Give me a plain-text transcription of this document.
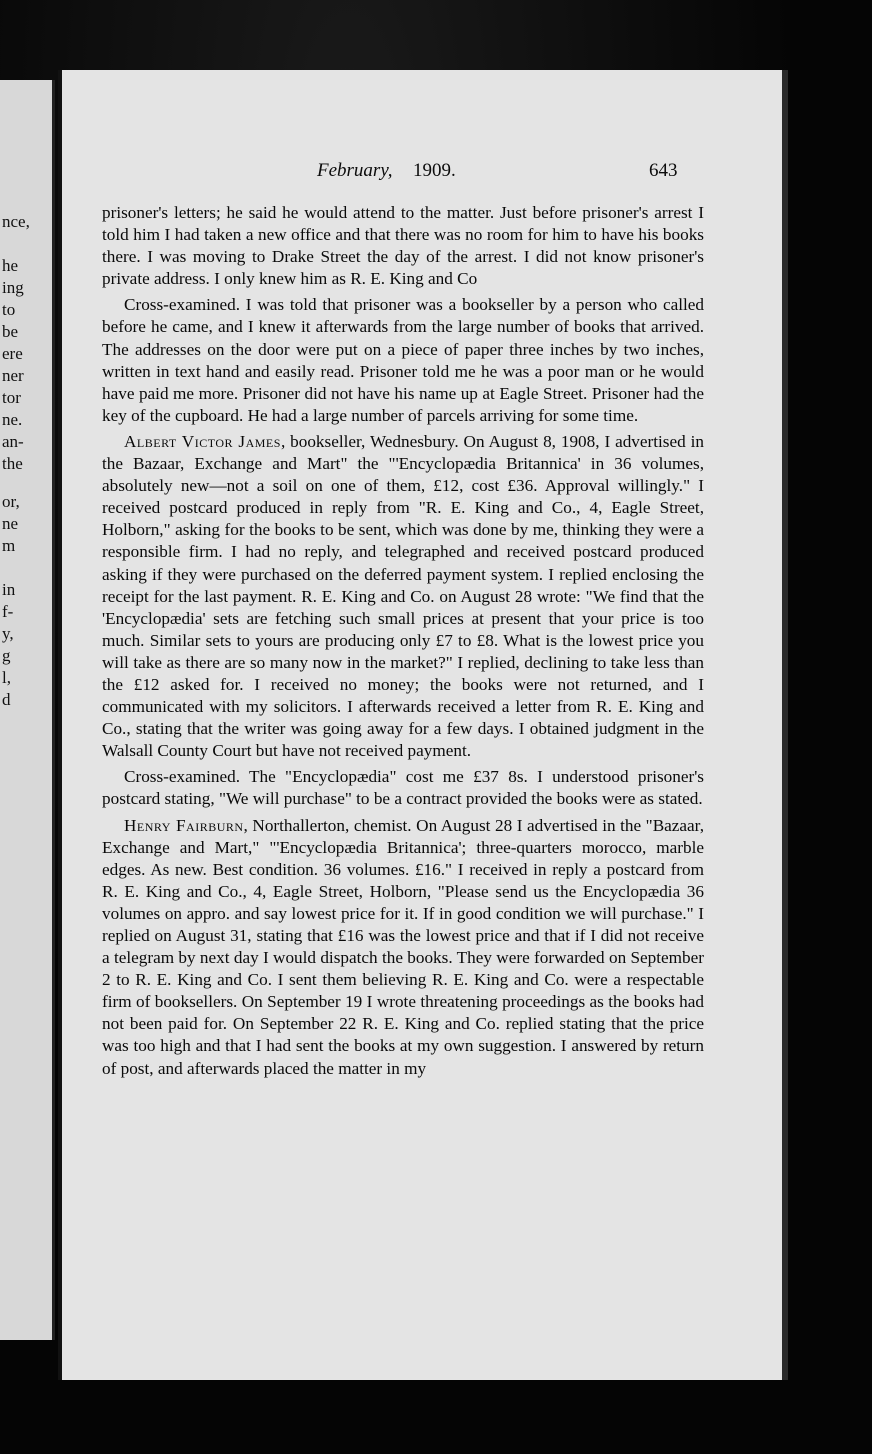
nce,
he
ing
to
be
ere
ner
tor
ne.
an-
the
or,
ne
m
in
f-
y,
g
l,
d
February, 1909.	643

prisoner's letters; he said he would attend to the matter. Just before prisoner's arrest I told him I had taken a new office and that there was no room for him to have his books there. I was moving to Drake Street the day of the arrest. I did not know prisoner's private address. I only knew him as R. E. King and Co

Cross-examined. I was told that prisoner was a bookseller by a person who called before he came, and I knew it afterwards from the large number of books that arrived. The addresses on the door were put on a piece of paper three inches by two inches, written in text hand and easily read. Prisoner told me he was a poor man or he would have paid me more. Prisoner did not have his name up at Eagle Street. Prisoner had the key of the cupboard. He had a large number of parcels arriving for some time.

Albert Victor James, bookseller, Wednesbury. On August 8, 1908, I advertised in the Bazaar, Exchange and Mart" the "'Encyclopædia Britannica' in 36 volumes, absolutely new—not a soil on one of them, £12, cost £36. Approval willingly." I received postcard produced in reply from "R. E. King and Co., 4, Eagle Street, Holborn," asking for the books to be sent, which was done by me, thinking they were a responsible firm. I had no reply, and telegraphed and received postcard produced asking if they were purchased on the deferred payment system. I replied enclosing the receipt for the last payment. R. E. King and Co. on August 28 wrote: "We find that the 'Encyclopædia' sets are fetching such small prices at present that your price is too much. Similar sets to yours are producing only £7 to £8. What is the lowest price you will take as there are so many now in the market?" I replied, declining to take less than the £12 asked for. I received no money; the books were not returned, and I communicated with my solicitors. I afterwards received a letter from R. E. King and Co., stating that the writer was going away for a few days. I obtained judgment in the Walsall County Court but have not received payment.

Cross-examined. The "Encyclopædia" cost me £37 8s. I understood prisoner's postcard stating, "We will purchase" to be a contract provided the books were as stated.

Henry Fairburn, Northallerton, chemist. On August 28 I advertised in the "Bazaar, Exchange and Mart," "'Encyclopædia Britannica'; three-quarters morocco, marble edges. As new. Best condition. 36 volumes. £16." I received in reply a postcard from R. E. King and Co., 4, Eagle Street, Holborn, "Please send us the Encyclopædia 36 volumes on appro. and say lowest price for it. If in good condition we will purchase." I replied on August 31, stating that £16 was the lowest price and that if I did not receive a telegram by next day I would dispatch the books. They were forwarded on September 2 to R. E. King and Co. I sent them believing R. E. King and Co. were a respectable firm of booksellers. On September 19 I wrote threatening proceedings as the books had not been paid for. On September 22 R. E. King and Co. replied stating that the price was too high and that I had sent the books at my own suggestion. I answered by return of post, and afterwards placed the matter in my
